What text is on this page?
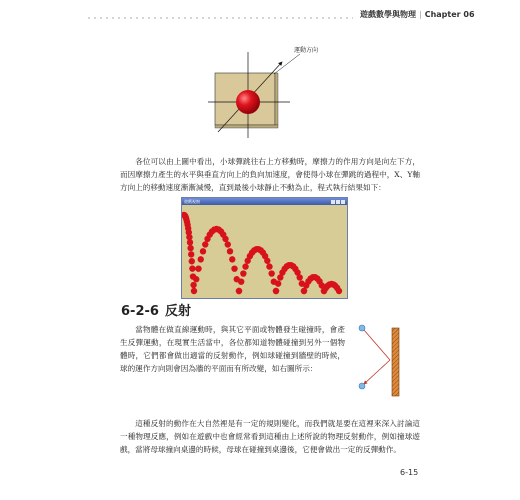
遊戲數學與物理 | Chapter 06
運動方向
各位可以由上圖中看出，小球彈跳往右上方移動時，摩擦力的作用方向是向左下方，而因摩擦力產生的水平與垂直方向上的負向加速度，會使得小球在彈跳的過程中，X、Y軸方向上的移動速度漸漸減慢，直到最後小球靜止不動為止，程式執行結果如下：
遊戲視窗
6-2-6 反射
當物體在做直線運動時，與其它平面或物體發生碰撞時，會產生反彈運動，在現實生活當中，各位都知道物體碰撞到另外一個物體時，它們都會做出適當的反射動作，例如球碰撞到牆壁的時候，球的運作方向則會因為牆的平面而有所改變，如右圖所示：
這種反射的動作在大自然裡是有一定的規則變化，而我們就是要在這裡來深入討論這一種物理反應，例如在遊戲中也會經常看到這種由上述所說的物理反射動作，例如撞球遊戲，當將母球撞向桌邊的時候，母球在碰撞到桌邊後，它便會做出一定的反彈動作。
6-15
